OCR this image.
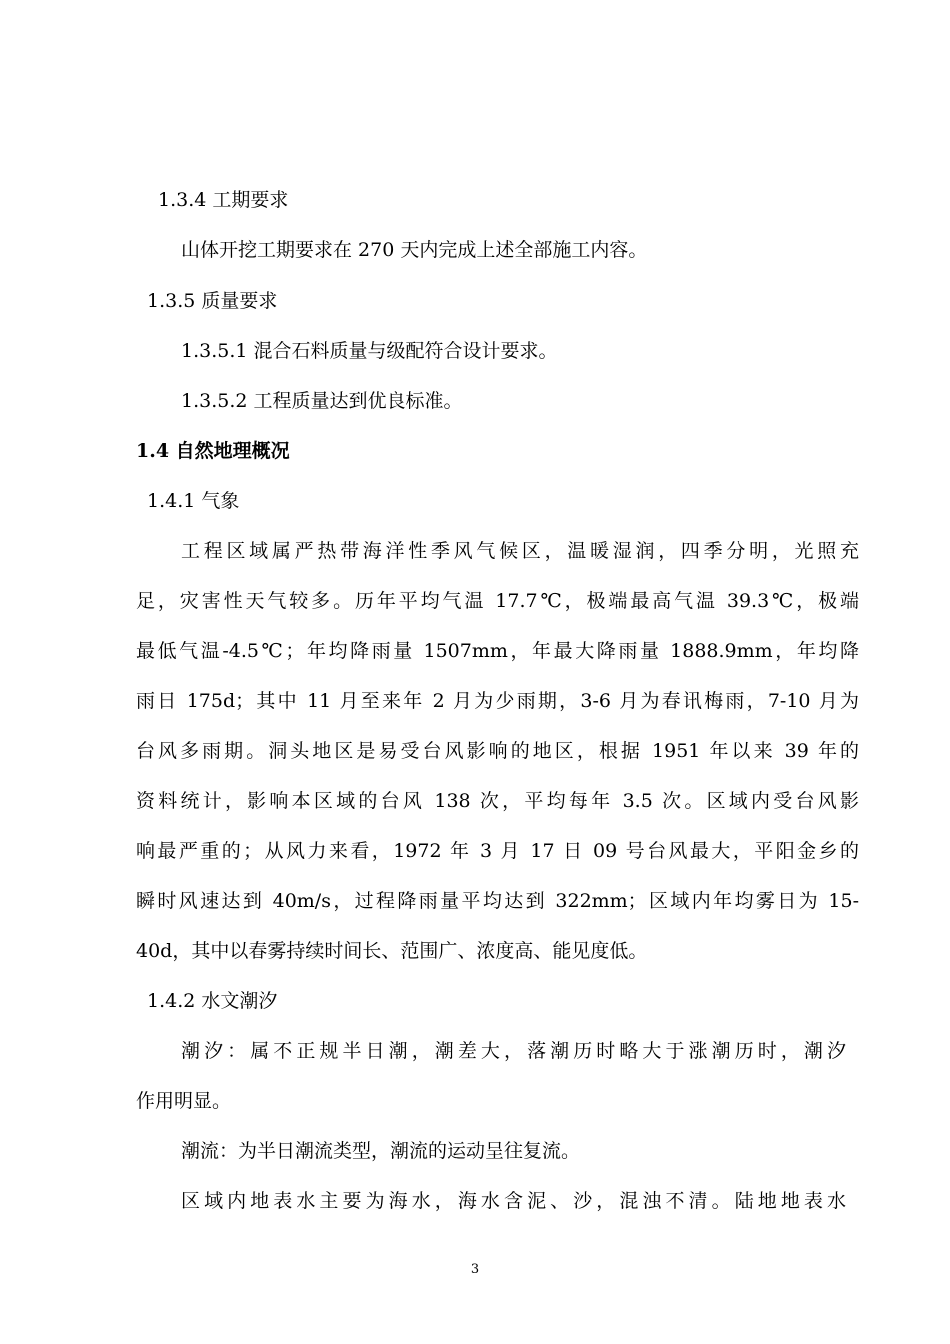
1.3.4 工期要求
山体开挖工期要求在 270 天内完成上述全部施工内容。
1.3.5 质量要求
1.3.5.1 混合石料质量与级配符合设计要求。
1.3.5.2 工程质量达到优良标准。
1.4 自然地理概况
1.4.1 气象
工程区域属严热带海洋性季风气候区，温暖湿润，四季分明，光照充
足，灾害性天气较多。历年平均气温 17.7℃，极端最高气温 39.3℃，极端
最低气温-4.5℃；年均降雨量 1507mm，年最大降雨量 1888.9mm，年均降
雨日 175d；其中 11 月至来年 2 月为少雨期，3-6 月为春讯梅雨，7-10 月为
台风多雨期。洞头地区是易受台风影响的地区，根据 1951 年以来 39 年的
资料统计，影响本区域的台风 138 次，平均每年 3.5 次。区域内受台风影
响最严重的；从风力来看，1972 年 3 月 17 日 09 号台风最大，平阳金乡的
瞬时风速达到 40m/s，过程降雨量平均达到 322mm；区域内年均雾日为 15-
40d，其中以春雾持续时间长、范围广、浓度高、能见度低。
1.4.2 水文潮汐
潮汐：属不正规半日潮，潮差大，落潮历时略大于涨潮历时，潮汐
作用明显。
潮流：为半日潮流类型，潮流的运动呈往复流。
区域内地表水主要为海水，海水含泥、沙，混浊不清。陆地地表水
3
